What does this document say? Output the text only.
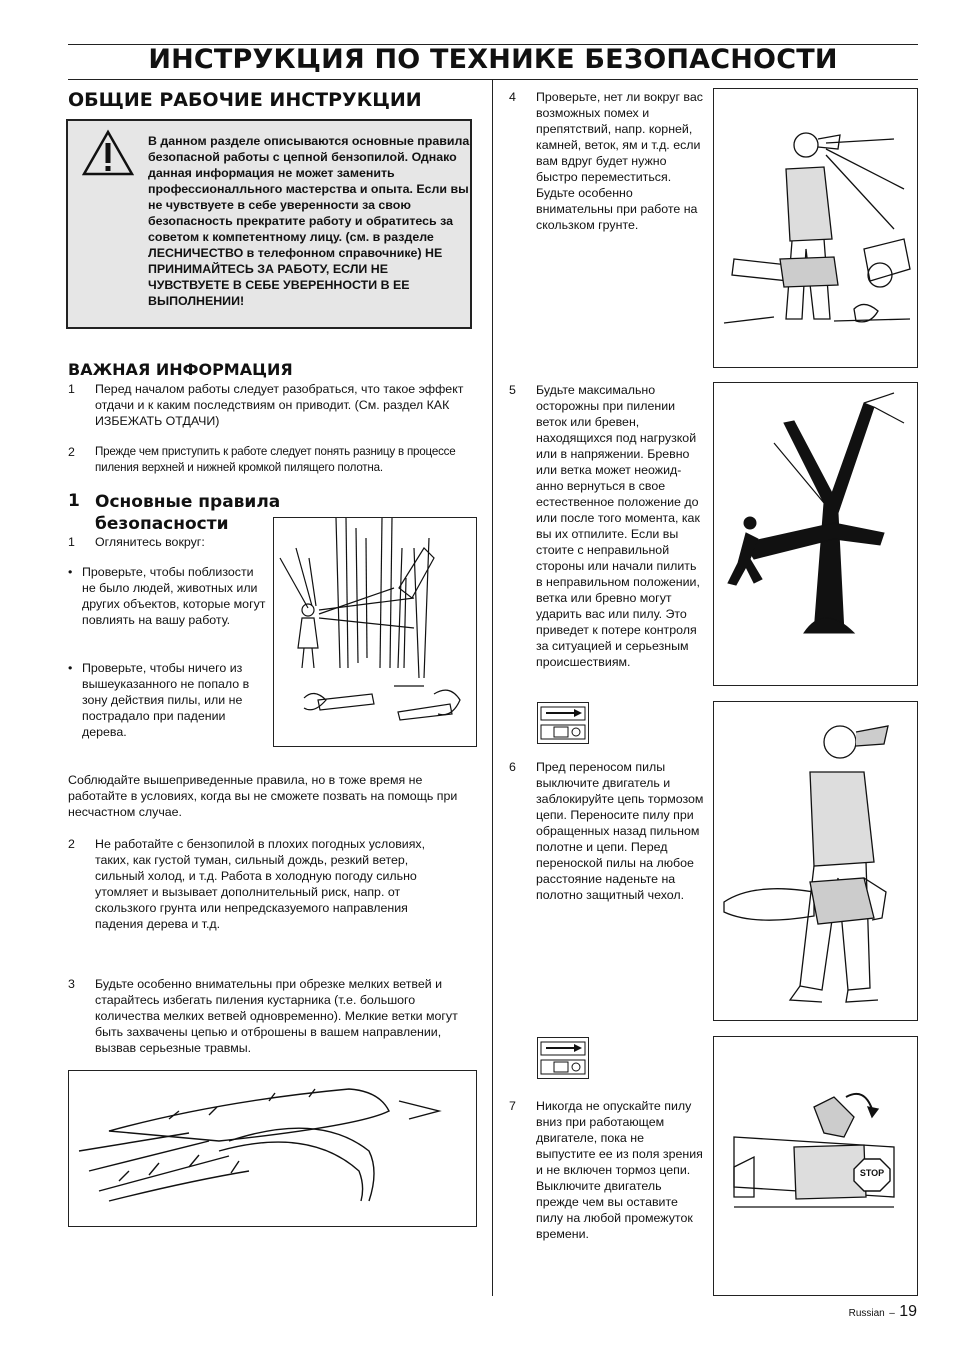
ИНСТРУКЦИЯ ПО ТЕХНИКЕ БЕЗОПАСНОСТИ
ОБЩИЕ РАБОЧИЕ ИНСТРУКЦИИ
В данном разделе описываются основные правила безопасной работы с цепной бензопилой. Однако данная информация не может заменить профессионалльного мастерства и опыта. Если вы не чувствуете в себе уверенности за свою безопасность прекратите работу и обратитесь за советом к компетентному лицу. (см. в разделе ЛЕСНИЧЕСТВО в телефонном справочнике) НЕ ПРИНИМАЙТЕСЬ ЗА РАБОТУ, ЕСЛИ НЕ ЧУВСТВУЕТЕ В СЕБЕ УВЕРЕННОСТИ В ЕЕ ВЫПОЛНЕНИИ!
ВАЖНАЯ ИНФОРМАЦИЯ
1 Перед началом работы следует разобраться, что такое эффект отдачи и к каким последствиям он приводит. (См. раздел КАК ИЗБЕЖАТЬ ОТДАЧИ)
2 Прежде чем приступить к работе следует понять разницу в процессе пиления верхней и нижней кромкой пилящего полотна.
1 Основные правила безопасности
1 Оглянитесь вокруг:
• Проверьте, чтобы поблизости не было людей, животных или других объектов, которые могут повлиять на вашу работу.
• Проверьте, чтобы ничего из вышеуказанного не попало в зону действия пилы, или не пострадало при падении дерева.
Соблюдайте вышеприведенные правила, но в тоже время не работайте в условиях, когда вы не сможете позвать на помощь при несчастном случае.
2 Не работайте с бензопилой в плохих погодных условиях, таких, как густой туман, сильный дождь, резкий ветер, сильный холод, и т.д. Работа в холодную погоду сильно утомляет и вызывает дополнительный риск, напр. от скользкого грунта или непредсказуемого направления падения дерева и т.д.
3 Будьте особенно внимательны при обрезке мелких ветвей и старайтесь избегать пиления кустарника (т.е. большого количества мелких ветвей одновременно). Мелкие ветки могут быть захвачены цепью и отброшены в вашем направлении, вызвав серьезные травмы.
4 Проверьте, нет ли вокруг вас возможных помех и препятствий, напр. корней, камней, веток, ям и т.д. если вам вдруг будет нужно быстро переместиться. Будьте особенно внимательны при работе на скользком грунте.
5 Будьте максимально осторожны при пилении веток или бревен, находящихся под нагрузкой или в напряжении. Бревно или ветка может неожид-анно вернуться в свое естественное положение до или после того момента, как вы их отпилите. Если вы стоите с неправильной стороны или начали пилить в неправильном положении, ветка или бревно могут ударить вас или пилу. Это приведет к потере контроля за ситуацией и серьезным происшествиям.
6 Пред переносом пилы выключите двигатель и заблокируйте цепь тормозом цепи. Переносите пилу при обращенных назад пильном полотне и цепи. Перед переноской пилы на любое расстояние наденьте на полотно защитный чехол.
7 Никогда не опускайте пилу вниз при работающем двигателе, пока не выпустите ее из поля зрения и не включен тормоз цепи. Выключите двигатель прежде чем вы оставите пилу на любой промежуток времени.
STOP
Russian – 19
